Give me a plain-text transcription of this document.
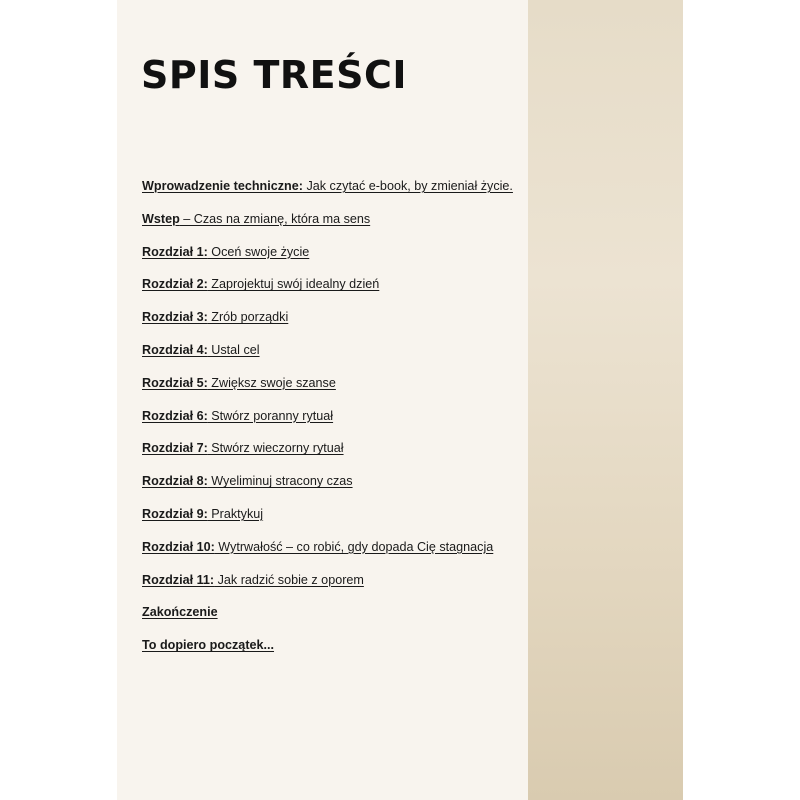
SPIS TREŚCI
Wprowadzenie techniczne: Jak czytać e-book, by zmieniał życie.
Wstep – Czas na zmianę, która ma sens
Rozdział 1: Oceń swoje życie
Rozdział 2: Zaprojektuj swój idealny dzień
Rozdział 3: Zrób porządki
Rozdział 4: Ustal cel
Rozdział 5: Zwiększ swoje szanse
Rozdział 6: Stwórz poranny rytuał
Rozdział 7: Stwórz wieczorny rytuał
Rozdział 8: Wyeliminuj stracony czas
Rozdział 9: Praktykuj
Rozdział 10: Wytrwałość – co robić, gdy dopada Cię stagnacja
Rozdział 11: Jak radzić sobie z oporem
Zakończenie
To dopiero początek...
